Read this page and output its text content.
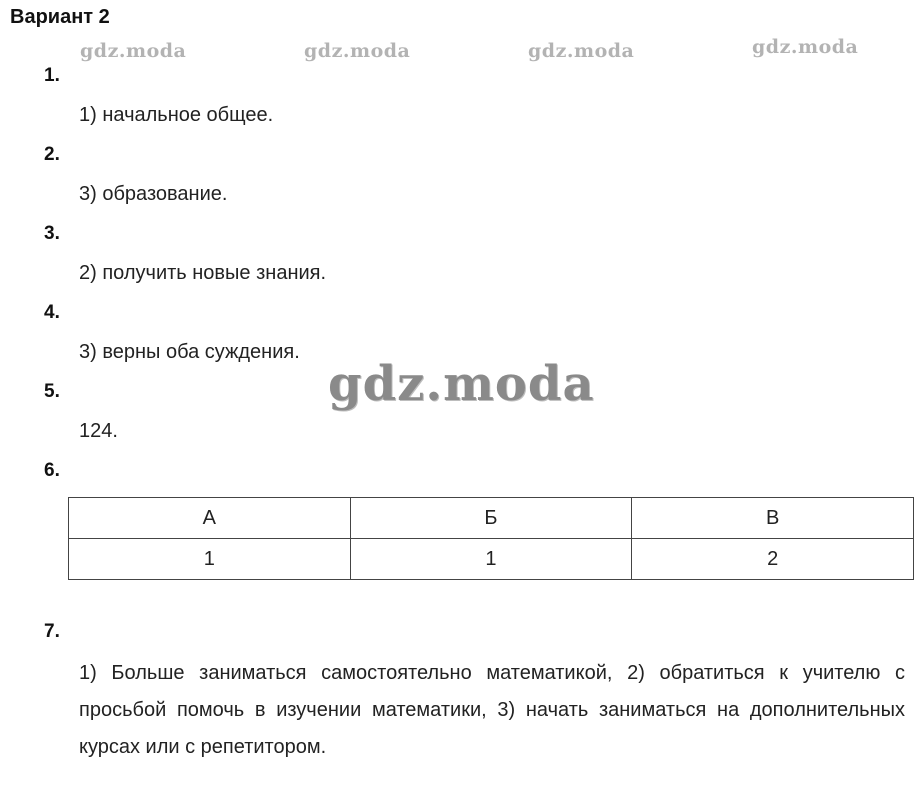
Вариант 2
gdz.moda	gdz.moda	gdz.moda	gdz.moda
1.
1) начальное общее.
2.
3) образование.
3.
2) получить новые знания.
4.
3) верны оба суждения.
gdz.moda
5.
124.
6.
А	Б	В
1	1	2
7.
1) Больше заниматься самостоятельно математикой, 2) обратиться к учителю с просьбой помочь в изучении математики, 3) начать заниматься на дополнительных курсах или с репетитором.
